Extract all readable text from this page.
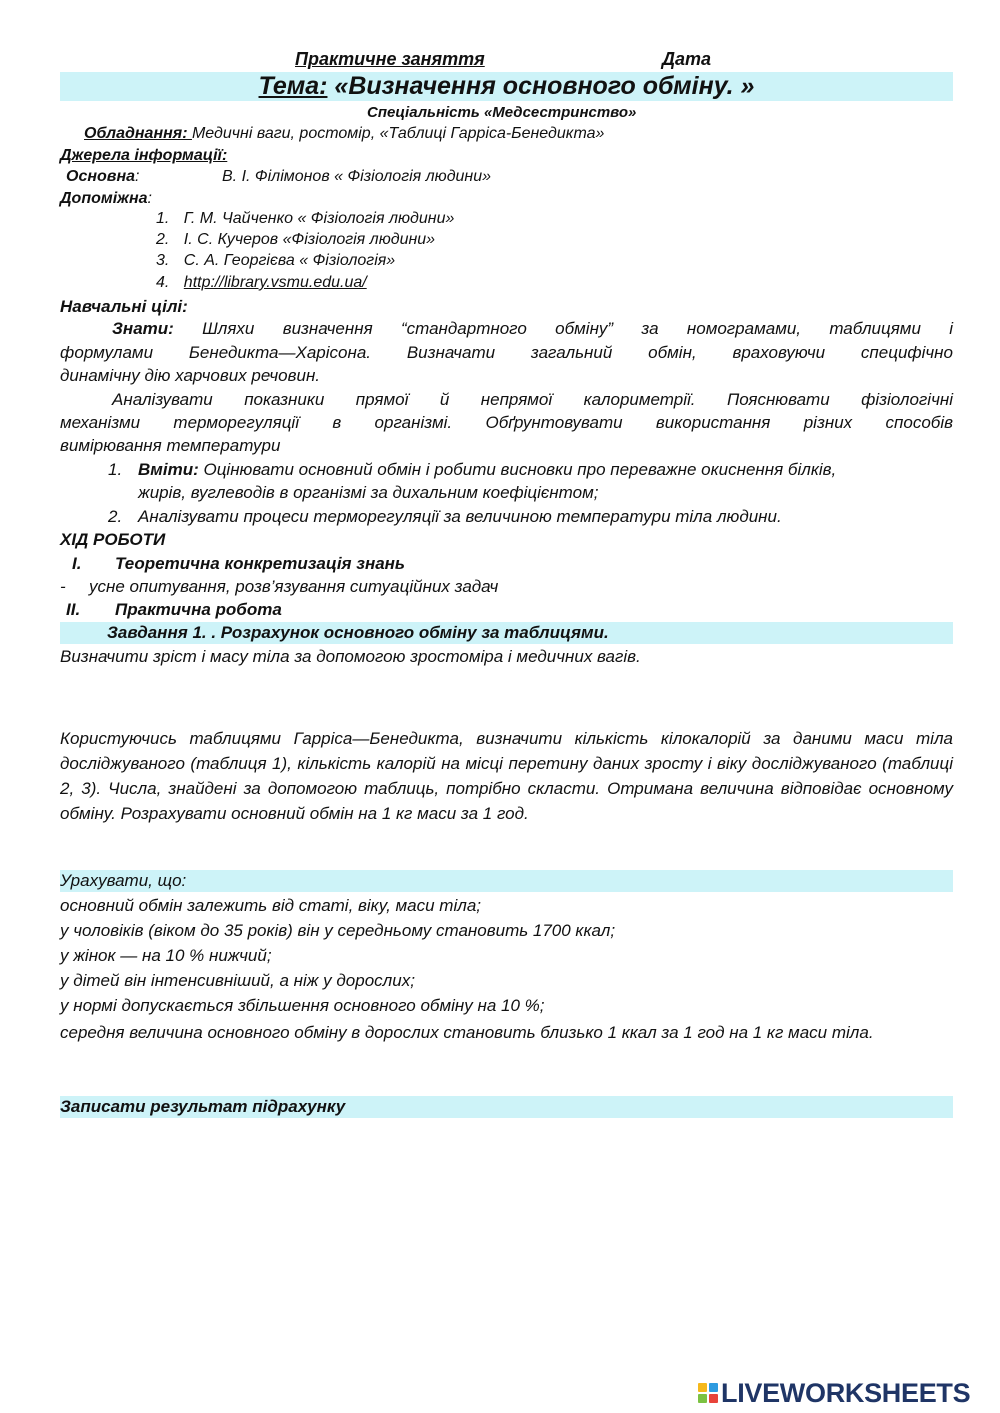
Практичне заняття	Дата
Тема: «Визначення основного обміну. »
Спеціальність «Медсестринство»
Обладнання: Медичні ваги, ростомір, «Таблиці Гарріса-Бенедикта»
Джерела інформації:
Основна:	В. І. Філімонов « Фізіологія людини»
Допоміжна:
1. Г. М. Чайченко « Фізіологія людини»
2. І. С. Кучеров «Фізіологія людини»
3. С. А. Георгієва « Фізіологія»
4. http://library.vsmu.edu.ua/
Навчальні цілі:
Знати: Шляхи визначення “стандартного обміну” за номограмами, таблицями і
формулами Бенедикта—Харісона. Визначати загальний обмін, враховуючи специфічно
динамічну дію харчових речовин.
Аналізувати показники прямої й непрямої калориметрії. Пояснювати фізіологічні
механізми терморегуляції в організмі. Обґрунтовувати використання різних способів
вимірювання температури
1. Вміти: Оцінювати основний обмін і робити висновки про переважне окиснення білків,
жирів, вуглеводів в організмі за дихальним коефіцієнтом;
2. Аналізувати процеси терморегуляції за величиною температури тіла людини.
ХІД РОБОТИ
I. Теоретична конкретизація знань
- усне опитування, розв’язування ситуаційних задач
II. Практична робота
Завдання 1. . Розрахунок основного обміну за таблицями.
Визначити зріст і масу тіла за допомогою зростоміра і медичних вагів.
Користуючись таблицями Гарріса—Бенедикта, визначити кількість кілокалорій за даними маси тіла досліджуваного (таблиця 1), кількість калорій на місці перетину даних зросту і віку досліджуваного (таблиці 2, 3). Числа, знайдені за допомогою таблиць, потрібно скласти. Отримана величина відповідає основному обміну. Розрахувати основний обмін на 1 кг маси за 1 год.
Урахувати, що:
основний обмін залежить від статі, віку, маси тіла;
у чоловіків (віком до 35 років) він у середньому становить 1700 ккал;
у жінок — на 10 % нижчий;
у дітей він інтенсивніший, а ніж у дорослих;
у нормі допускається збільшення основного обміну на 10 %;
середня величина основного обміну в дорослих становить близько 1 ккал за 1 год на 1 кг маси тіла.
Записати результат підрахунку
LIVEWORKSHEETS
